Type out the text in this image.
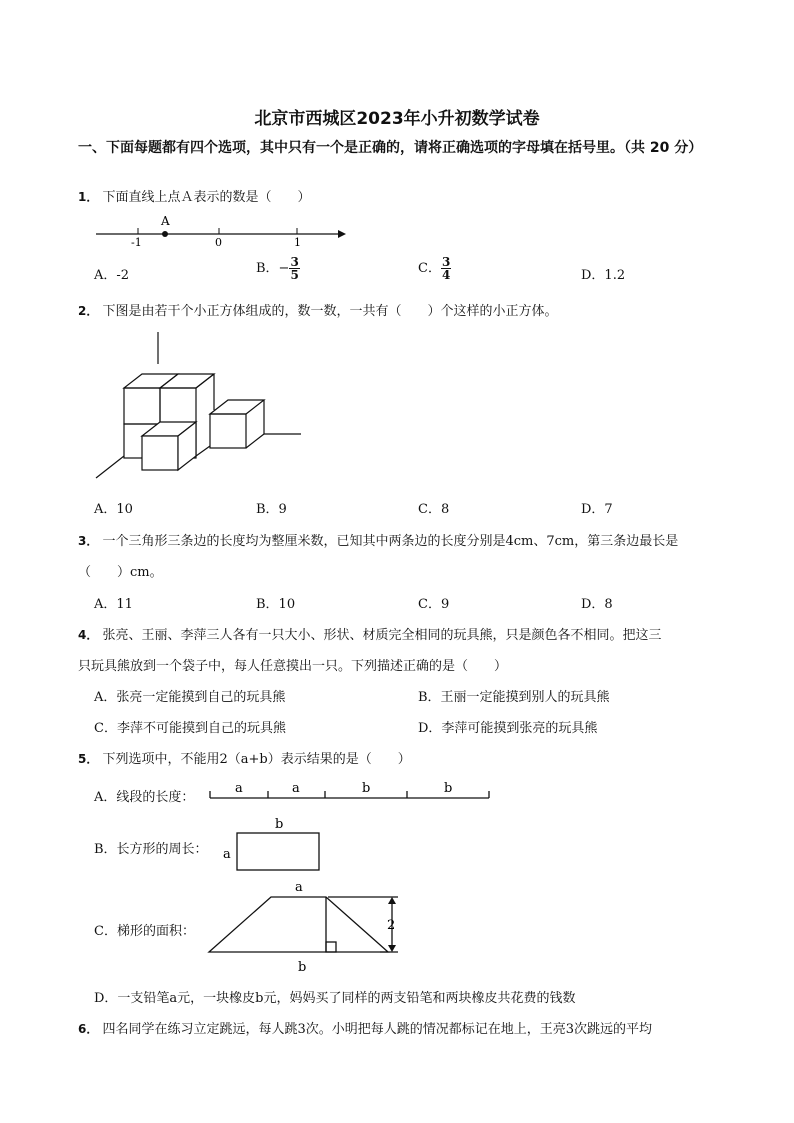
北京市西城区2023年小升初数学试卷
一、下面每题都有四个选项，其中只有一个是正确的，请将正确选项的字母填在括号里。（共 20 分）
1． 下面直线上点Ａ表示的数是（　　）
A
-1	0	1
A．-2	B．− $\frac{3}{5}$	C． $\frac{3}{4}$	D．1.2
2． 下图是由若干个小正方体组成的，数一数，一共有（　　）个这样的小正方体。
A．10	B．9	C．8	D．7
3． 一个三角形三条边的长度均为整厘米数，已知其中两条边的长度分别是4cm、7cm，第三条边最长是
（　　）cm。
A．11	B．10	C．9	D．8
4． 张亮、王丽、李萍三人各有一只大小、形状、材质完全相同的玩具熊，只是颜色各不相同。把这三
只玩具熊放到一个袋子中，每人任意摸出一只。下列描述正确的是（　　）
A．张亮一定能摸到自己的玩具熊	B．王丽一定能摸到别人的玩具熊
C．李萍不可能摸到自己的玩具熊	D．李萍可能摸到张亮的玩具熊
5． 下列选项中，不能用2（a+b）表示结果的是（　　）
A．线段的长度：
a	a	b	b
B．长方形的周长：
b
a
C．梯形的面积：
a
b
2
D．一支铅笔a元，一块橡皮b元，妈妈买了同样的两支铅笔和两块橡皮共花费的钱数
6． 四名同学在练习立定跳远，每人跳3次。小明把每人跳的情况都标记在地上，王亮3次跳远的平均
